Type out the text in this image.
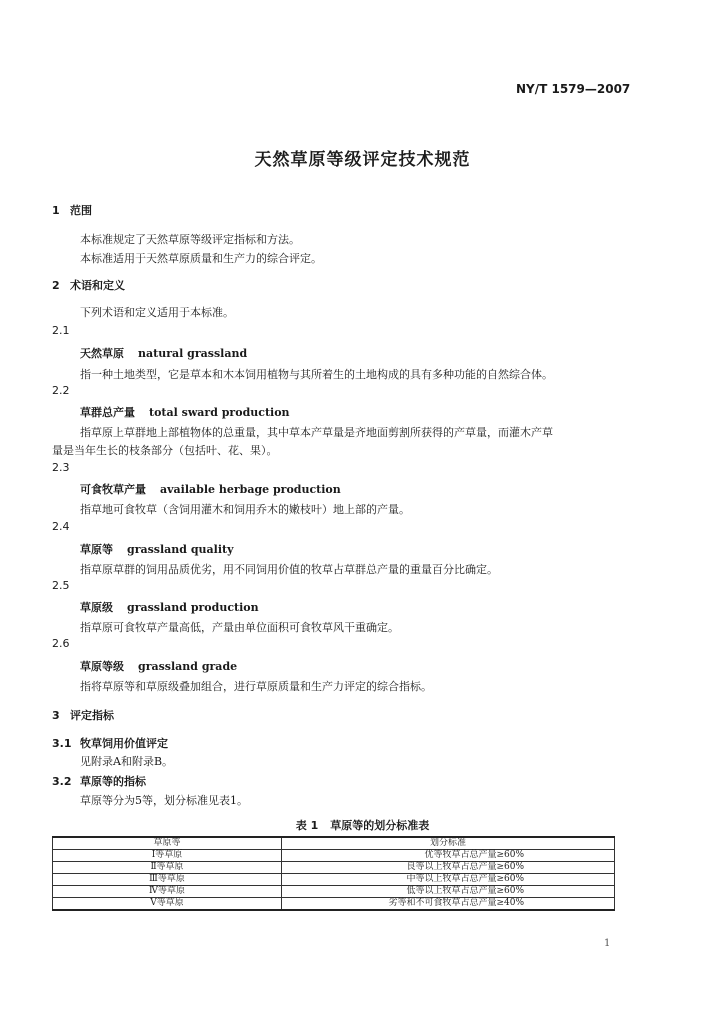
NY/T 1579—2007
天然草原等级评定技术规范
1 范围
本标准规定了天然草原等级评定指标和方法。
本标准适用于天然草原质量和生产力的综合评定。
2 术语和定义
下列术语和定义适用于本标准。
2.1
天然草原 natural grassland
指一种土地类型，它是草本和木本饲用植物与其所着生的土地构成的具有多种功能的自然综合体。
2.2
草群总产量 total sward production
指草原上草群地上部植物体的总重量，其中草本产草量是齐地面剪割所获得的产草量，而灌木产草
量是当年生长的枝条部分（包括叶、花、果）。
2.3
可食牧草产量 available herbage production
指草地可食牧草（含饲用灌木和饲用乔木的嫩枝叶）地上部的产量。
2.4
草原等 grassland quality
指草原草群的饲用品质优劣，用不同饲用价值的牧草占草群总产量的重量百分比确定。
2.5
草原级 grassland production
指草原可食牧草产量高低，产量由单位面积可食牧草风干重确定。
2.6
草原等级 grassland grade
指将草原等和草原级叠加组合，进行草原质量和生产力评定的综合指标。
3 评定指标
3.1 牧草饲用价值评定
见附录A和附录B。
3.2 草原等的指标
草原等分为5等，划分标准见表1。
表 1 草原等的划分标准表
草原等	划分标准
Ⅰ等草原	优等牧草占总产量≥60%
Ⅱ等草原	良等以上牧草占总产量≥60%
Ⅲ等草原	中等以上牧草占总产量≥60%
Ⅳ等草原	低等以上牧草占总产量≥60%
Ⅴ等草原	劣等和不可食牧草占总产量≥40%
1
